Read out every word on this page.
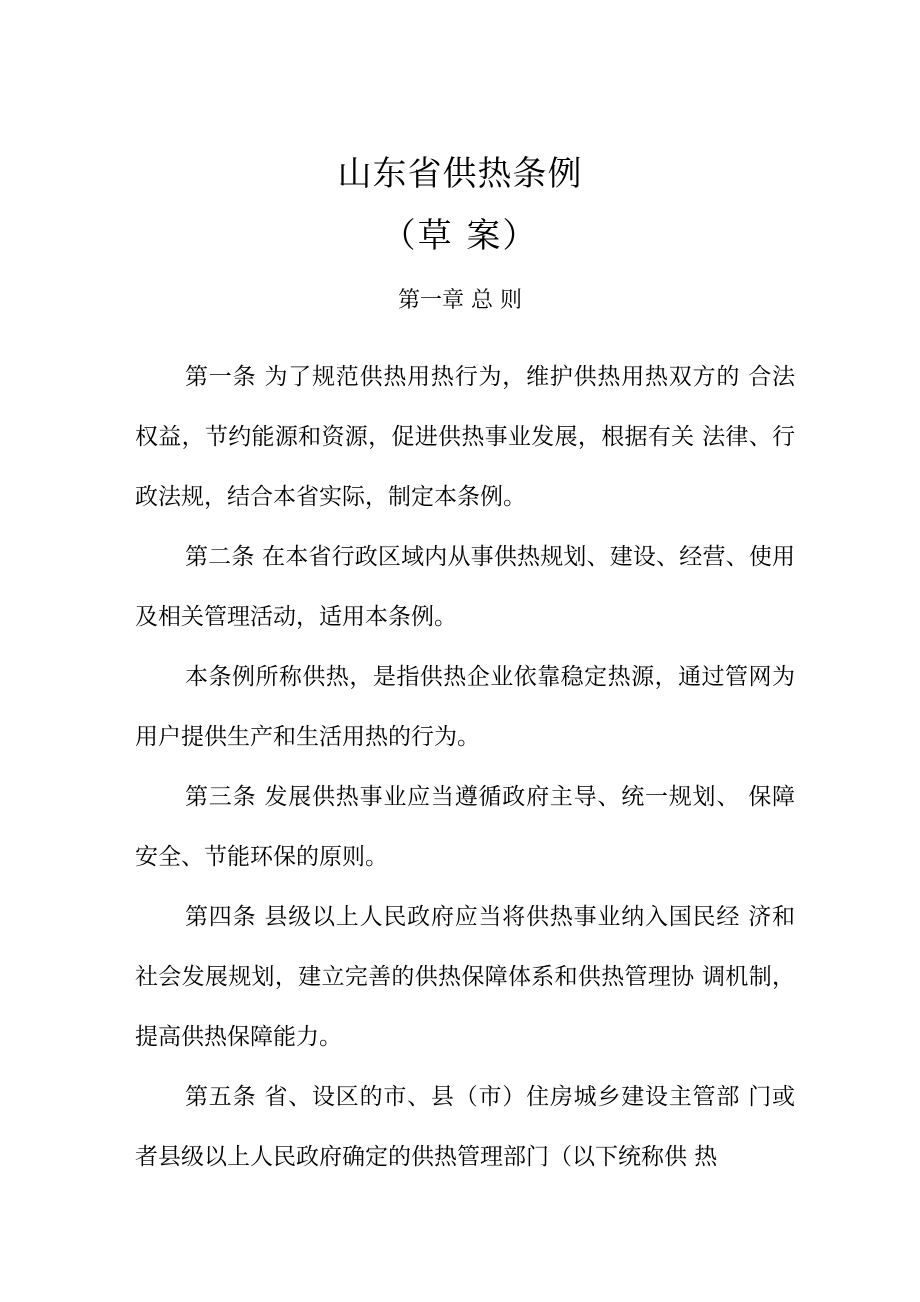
山东省供热条例
（草 案）
第一章 总 则

第一条 为了规范供热用热行为，维护供热用热双方的 合法权益，节约能源和资源，促进供热事业发展，根据有关 法律、行政法规，结合本省实际，制定本条例。

第二条 在本省行政区域内从事供热规划、建设、经营、使用及相关管理活动，适用本条例。

本条例所称供热，是指供热企业依靠稳定热源，通过管网为用户提供生产和生活用热的行为。

第三条 发展供热事业应当遵循政府主导、统一规划、 保障安全、节能环保的原则。

第四条 县级以上人民政府应当将供热事业纳入国民经 济和社会发展规划，建立完善的供热保障体系和供热管理协 调机制，提高供热保障能力。

第五条 省、设区的市、县（市）住房城乡建设主管部 门或者县级以上人民政府确定的供热管理部门（以下统称供 热
